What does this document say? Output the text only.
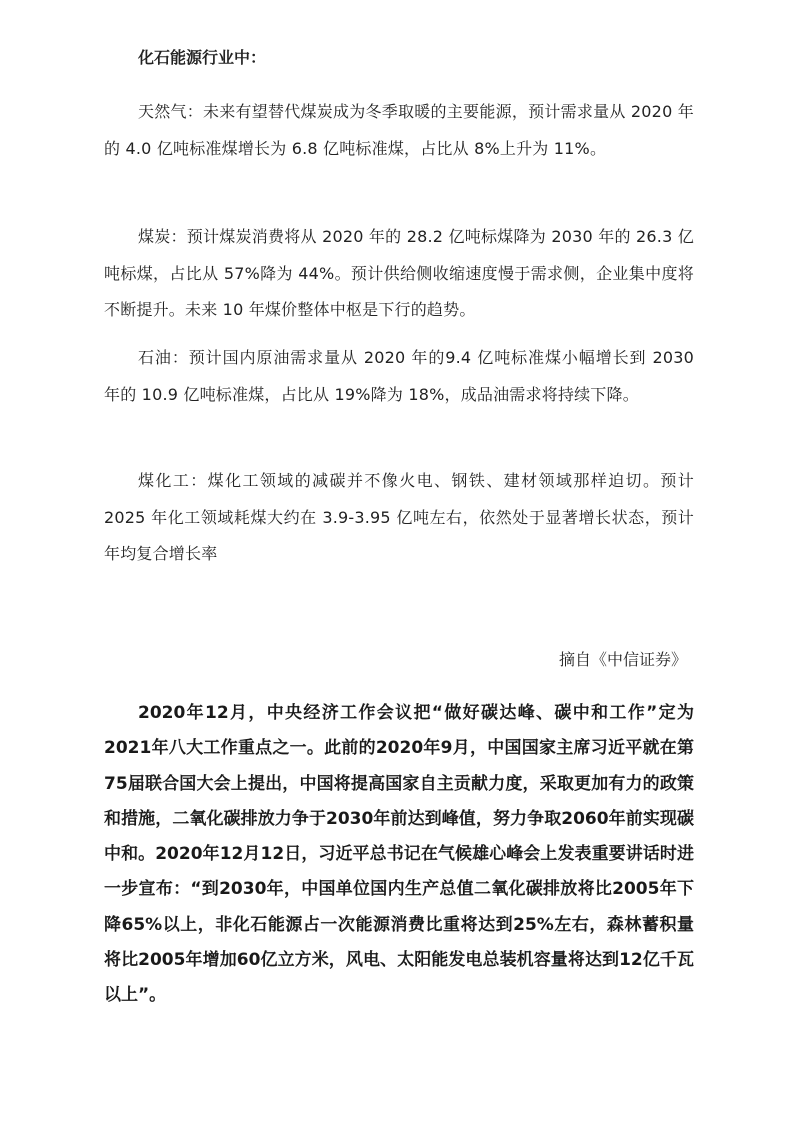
化石能源行业中：
天然气：未来有望替代煤炭成为冬季取暖的主要能源，预计需求量从 2020 年的 4.0 亿吨标准煤增长为 6.8 亿吨标准煤，占比从 8%上升为 11%。
煤炭：预计煤炭消费将从 2020 年的 28.2 亿吨标煤降为 2030 年的 26.3 亿吨标煤，占比从 57%降为 44%。预计供给侧收缩速度慢于需求侧，企业集中度将不断提升。未来 10 年煤价整体中枢是下行的趋势。
石油：预计国内原油需求量从 2020 年的9.4 亿吨标准煤小幅增长到 2030 年的 10.9 亿吨标准煤，占比从 19%降为 18%，成品油需求将持续下降。
煤化工：煤化工领域的减碳并不像火电、钢铁、建材领域那样迫切。预计 2025 年化工领域耗煤大约在 3.9-3.95 亿吨左右，依然处于显著增长状态，预计年均复合增长率
摘自《中信证券》
2020年12月，中央经济工作会议把“做好碳达峰、碳中和工作”定为2021年八大工作重点之一。此前的2020年9月，中国国家主席习近平就在第75届联合国大会上提出，中国将提高国家自主贡献力度，采取更加有力的政策和措施，二氧化碳排放力争于2030年前达到峰值，努力争取2060年前实现碳中和。2020年12月12日，习近平总书记在气候雄心峰会上发表重要讲话时进一步宣布：“到2030年，中国单位国内生产总值二氧化碳排放将比2005年下降65%以上，非化石能源占一次能源消费比重将达到25%左右，森林蓄积量将比2005年增加60亿立方米，风电、太阳能发电总装机容量将达到12亿千瓦以上”。
